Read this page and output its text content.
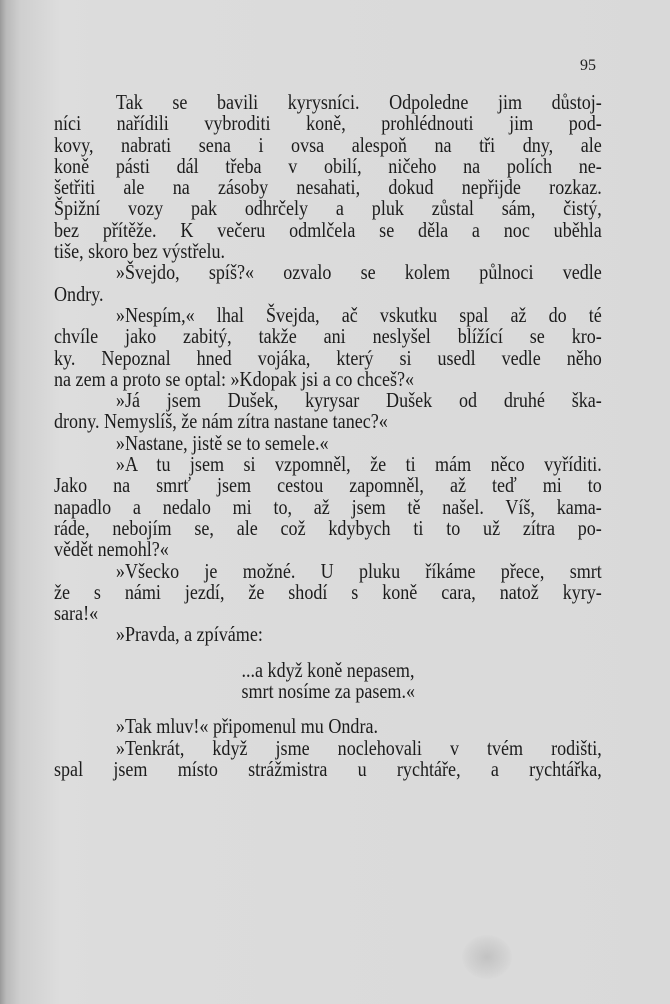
95
Tak se bavili kyrysníci. Odpoledne jim důstoj-
níci nařídili vybroditi koně, prohlédnouti jim pod-
kovy, nabrati sena i ovsa alespoň na tři dny, ale
koně pásti dál třeba v obilí, ničeho na polích ne-
šetřiti ale na zásoby nesahati, dokud nepřijde rozkaz.
Špižní vozy pak odhrčely a pluk zůstal sám, čistý,
bez přítěže. K večeru odmlčela se děla a noc uběhla
tiše, skoro bez výstřelu.
»Švejdo, spíš?« ozvalo se kolem půlnoci vedle
Ondry.
»Nespím,« lhal Švejda, ač vskutku spal až do té
chvíle jako zabitý, takže ani neslyšel blížící se kro-
ky. Nepoznal hned vojáka, který si usedl vedle něho
na zem a proto se optal: »Kdopak jsi a co chceš?«
»Já jsem Dušek, kyrysar Dušek od druhé ška-
drony. Nemyslíš, že nám zítra nastane tanec?«
»Nastane, jistě se to semele.«
»A tu jsem si vzpomněl, že ti mám něco vyříditi.
Jako na smrť jsem cestou zapomněl, až teď mi to
napadlo a nedalo mi to, až jsem tě našel. Víš, kama-
ráde, nebojím se, ale což kdybych ti to už zítra po-
vědět nemohl?«
»Všecko je možné. U pluku říkáme přece, smrt
že s námi jezdí, že shodí s koně cara, natož kyry-
sara!«
»Pravda, a zpíváme:
...a když koně nepasem,
smrt nosíme za pasem.«
»Tak mluv!« připomenul mu Ondra.
»Tenkrát, když jsme noclehovali v tvém rodišti,
spal jsem místo strážmistra u rychtáře, a rychtářka,
